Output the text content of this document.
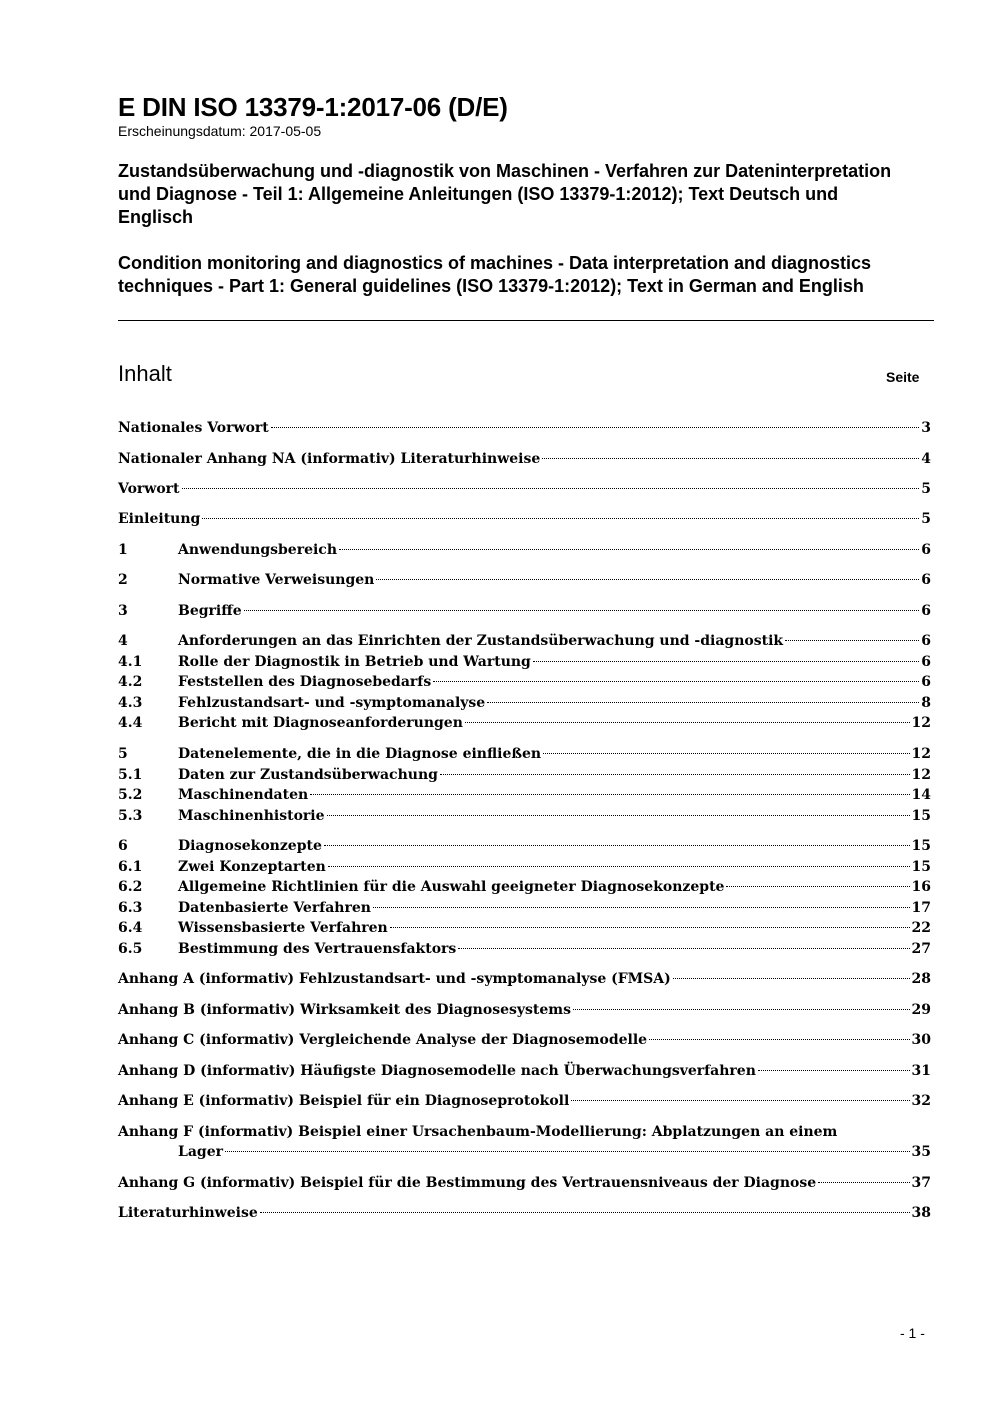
E DIN ISO 13379-1:2017-06 (D/E)
Erscheinungsdatum: 2017-05-05

Zustandsüberwachung und -diagnostik von Maschinen - Verfahren zur Dateninterpretation und Diagnose - Teil 1: Allgemeine Anleitungen (ISO 13379-1:2012); Text Deutsch und Englisch

Condition monitoring and diagnostics of machines - Data interpretation and diagnostics techniques - Part 1: General guidelines (ISO 13379-1:2012); Text in German and English

Inhalt	Seite
Nationales Vorwort	3
Nationaler Anhang NA (informativ) Literaturhinweise	4
Vorwort	5
Einleitung	5
1	Anwendungsbereich	6
2	Normative Verweisungen	6
3	Begriffe	6
4	Anforderungen an das Einrichten der Zustandsüberwachung und -diagnostik	6
4.1	Rolle der Diagnostik in Betrieb und Wartung	6
4.2	Feststellen des Diagnosebedarfs	6
4.3	Fehlzustandsart- und -symptomanalyse	8
4.4	Bericht mit Diagnoseanforderungen	12
5	Datenelemente, die in die Diagnose einfließen	12
5.1	Daten zur Zustandsüberwachung	12
5.2	Maschinendaten	14
5.3	Maschinenhistorie	15
6	Diagnosekonzepte	15
6.1	Zwei Konzeptarten	15
6.2	Allgemeine Richtlinien für die Auswahl geeigneter Diagnosekonzepte	16
6.3	Datenbasierte Verfahren	17
6.4	Wissensbasierte Verfahren	22
6.5	Bestimmung des Vertrauensfaktors	27
Anhang A (informativ) Fehlzustandsart- und -symptomanalyse (FMSA)	28
Anhang B (informativ) Wirksamkeit des Diagnosesystems	29
Anhang C (informativ) Vergleichende Analyse der Diagnosemodelle	30
Anhang D (informativ) Häufigste Diagnosemodelle nach Überwachungsverfahren	31
Anhang E (informativ) Beispiel für ein Diagnoseprotokoll	32
Anhang F (informativ) Beispiel einer Ursachenbaum-Modellierung: Abplatzungen an einem
Lager	35
Anhang G (informativ) Beispiel für die Bestimmung des Vertrauensniveaus der Diagnose	37
Literaturhinweise	38
- 1 -
